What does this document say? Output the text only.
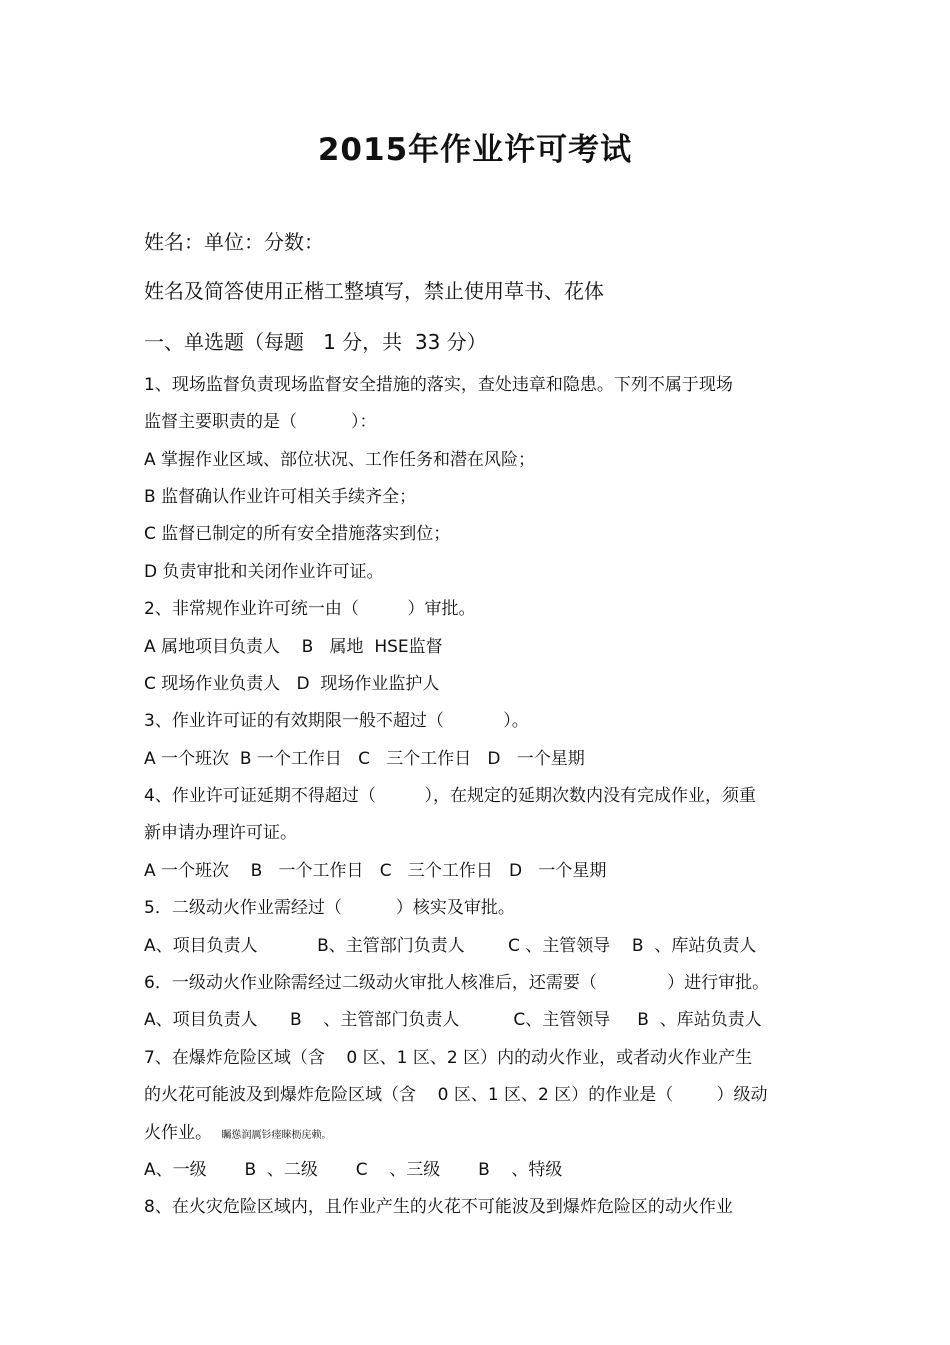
2015年作业许可考试
姓名：单位：分数：
姓名及简答使用正楷工整填写，禁止使用草书、花体
一、单选题（每题   1 分，共  33 分）
1、现场监督负责现场监督安全措施的落实，查处违章和隐患。下列不属于现场
监督主要职责的是（          ）：
A 掌握作业区域、部位状况、工作任务和潜在风险；
B 监督确认作业许可相关手续齐全；
C 监督已制定的所有安全措施落实到位；
D 负责审批和关闭作业许可证。
2、非常规作业许可统一由（         ）审批。
A 属地项目负责人    B   属地  HSE监督
C 现场作业负责人   D  现场作业监护人
3、作业许可证的有效期限一般不超过（           ）。
A 一个班次  B 一个工作日   C   三个工作日   D   一个星期
4、作业许可证延期不得超过（         ），在规定的延期次数内没有完成作业，须重
新申请办理许可证。
A 一个班次    B   一个工作日   C   三个工作日   D   一个星期
5．二级动火作业需经过（          ）核实及审批。
A、项目负责人           B、主管部门负责人        C 、主管领导    B  、库站负责人
6．一级动火作业除需经过二级动火审批人核准后，还需要（             ）进行审批。
A、项目负责人      B    、主管部门负责人          C、主管领导     B  、库站负责人
7、在爆炸危险区域（含    0 区、1 区、2 区）内的动火作业，或者动火作业产生
的火花可能波及到爆炸危险区域（含    0 区、1 区、2 区）的作业是（        ）级动
火作业。   矚慫润厲钐瘗睞枥庑赖。
A、一级       B  、二级       C    、三级       B    、特级
8、在火灾危险区域内，且作业产生的火花不可能波及到爆炸危险区的动火作业
